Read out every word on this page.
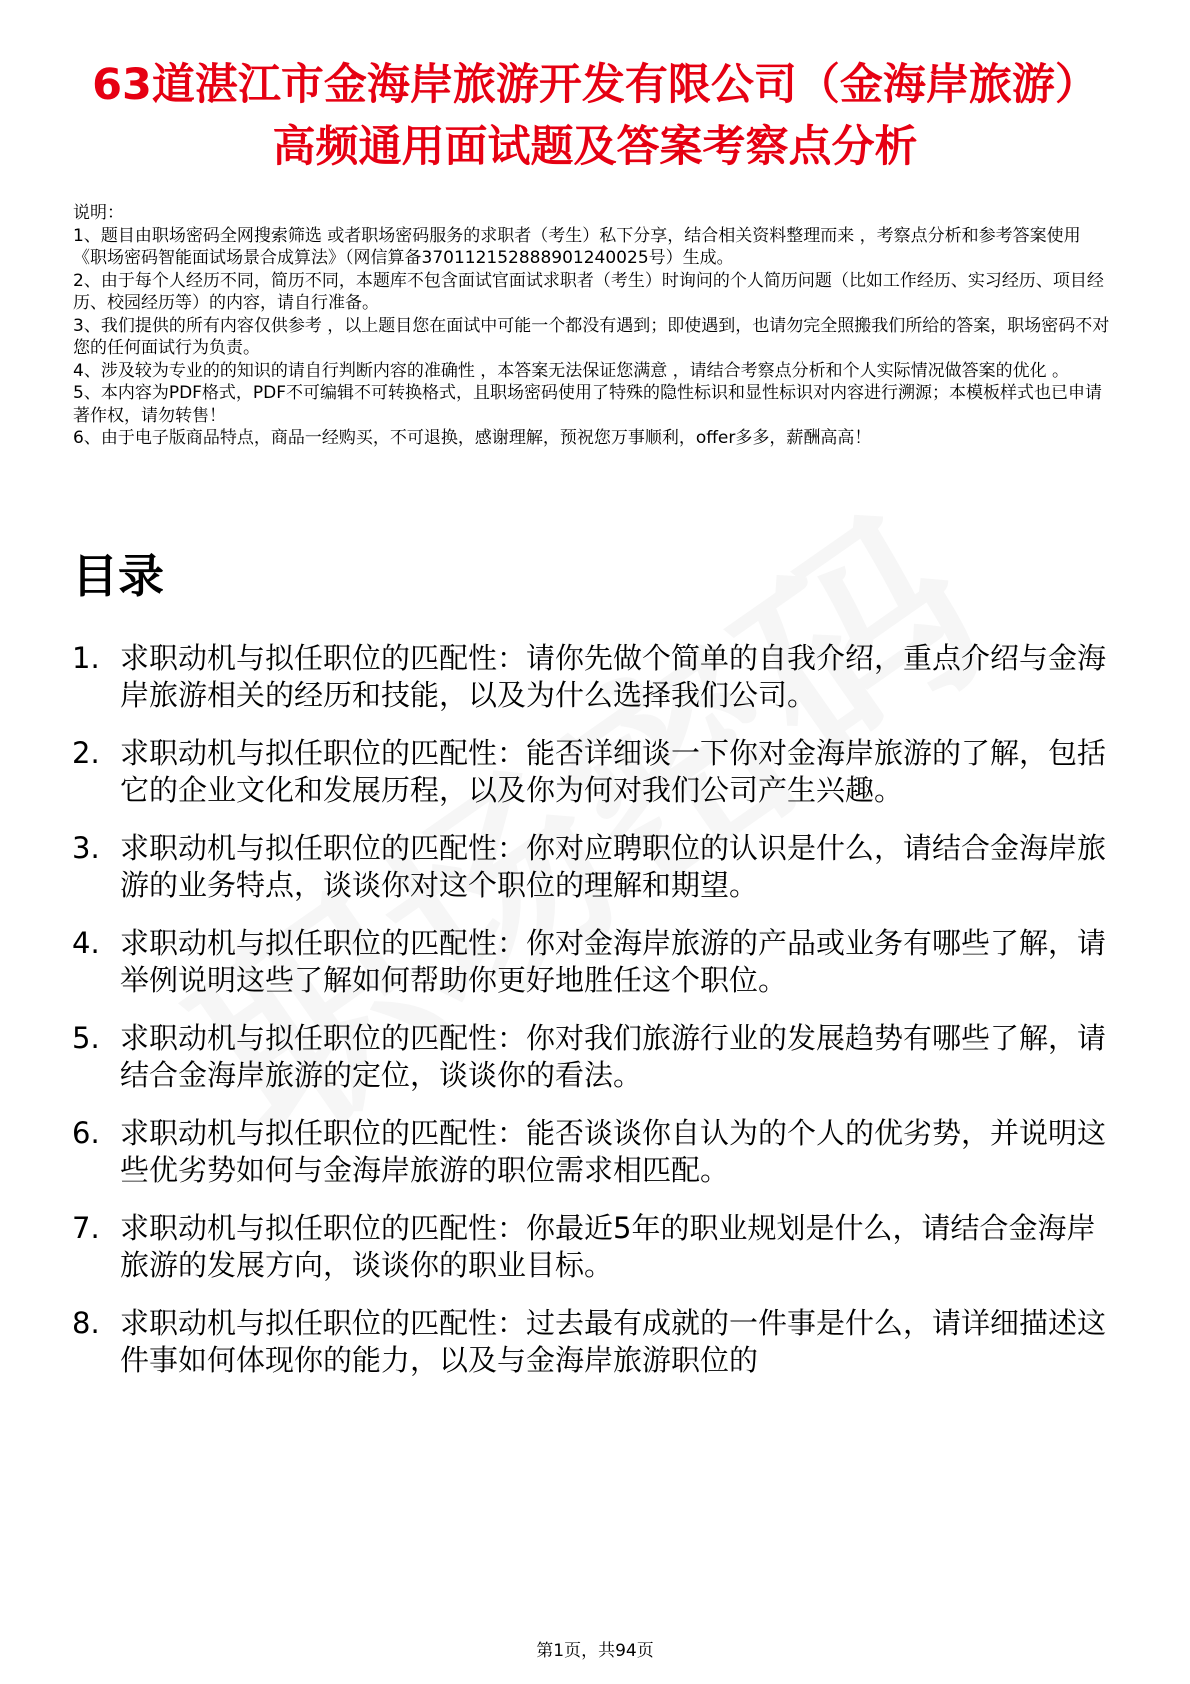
63道湛江市金海岸旅游开发有限公司（金海岸旅游）高频通用面试题及答案考察点分析

说明：

1、题目由职场密码全网搜索筛选 或者职场密码服务的求职者（考生）私下分享，结合相关资料整理而来 ，考察点分析和参考答案使用《职场密码智能面试场景合成算法》（网信算备370112152888901240025号）生成。

2、由于每个人经历不同，简历不同，本题库不包含面试官面试求职者（考生）时询问的个人简历问题（比如工作经历、实习经历、项目经历、校园经历等）的内容，请自行准备。

3、我们提供的所有内容仅供参考 ，以上题目您在面试中可能一个都没有遇到；即使遇到，也请勿完全照搬我们所给的答案，职场密码不对您的任何面试行为负责。

4、涉及较为专业的的知识的请自行判断内容的准确性 ，本答案无法保证您满意 ，请结合考察点分析和个人实际情况做答案的优化 。

5、本内容为PDF格式，PDF不可编辑不可转换格式，且职场密码使用了特殊的隐性标识和显性标识对内容进行溯源；本模板样式也已申请著作权，请勿转售！

6、由于电子版商品特点，商品一经购买，不可退换，感谢理解，预祝您万事顺利，offer多多，薪酬高高！

目录
1. 求职动机与拟任职位的匹配性：请你先做个简单的自我介绍，重点介绍与金海岸旅游相关的经历和技能，以及为什么选择我们公司。
2. 求职动机与拟任职位的匹配性：能否详细谈一下你对金海岸旅游的了解，包括它的企业文化和发展历程，以及你为何对我们公司产生兴趣。
3. 求职动机与拟任职位的匹配性：你对应聘职位的认识是什么，请结合金海岸旅游的业务特点，谈谈你对这个职位的理解和期望。
4. 求职动机与拟任职位的匹配性：你对金海岸旅游的产品或业务有哪些了解，请举例说明这些了解如何帮助你更好地胜任这个职位。
5. 求职动机与拟任职位的匹配性：你对我们旅游行业的发展趋势有哪些了解，请结合金海岸旅游的定位，谈谈你的看法。
6. 求职动机与拟任职位的匹配性：能否谈谈你自认为的个人的优劣势，并说明这些优劣势如何与金海岸旅游的职位需求相匹配。
7. 求职动机与拟任职位的匹配性：你最近5年的职业规划是什么，请结合金海岸旅游的发展方向，谈谈你的职业目标。
8. 求职动机与拟任职位的匹配性：过去最有成就的一件事是什么，请详细描述这件事如何体现你的能力，以及与金海岸旅游职位的

第1页，共94页
